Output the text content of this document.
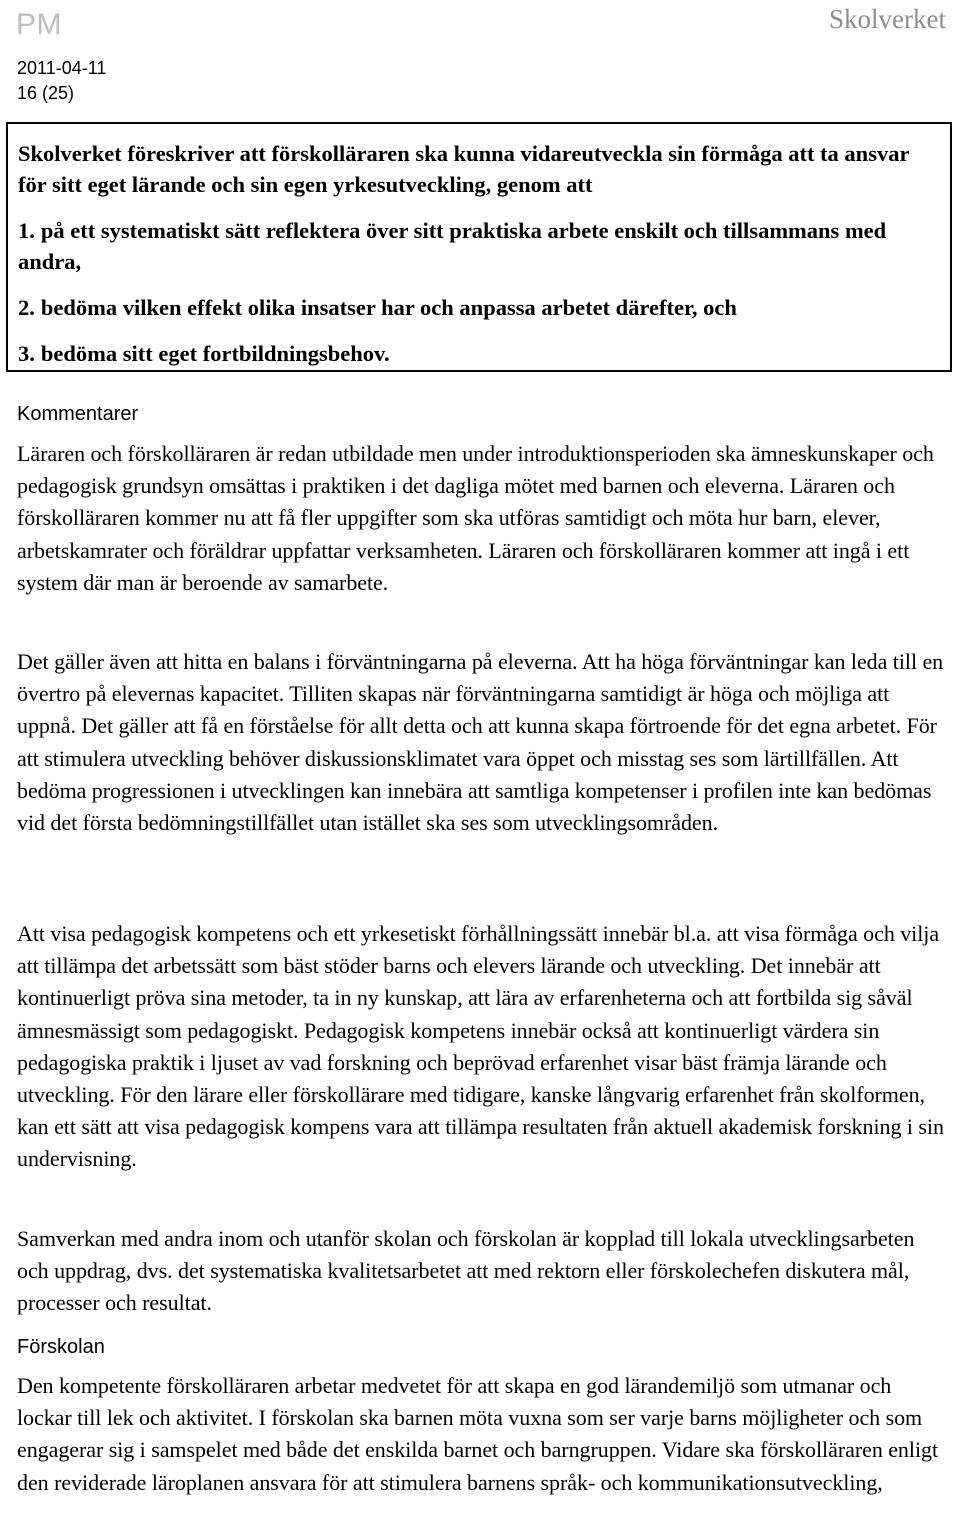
PM	Skolverket
2011-04-11
16 (25)

Skolverket föreskriver att förskolläraren ska kunna vidareutveckla sin förmåga att ta ansvar för sitt eget lärande och sin egen yrkesutveckling, genom att

1. på ett systematiskt sätt reflektera över sitt praktiska arbete enskilt och tillsammans med andra,
2. bedöma vilken effekt olika insatser har och anpassa arbetet därefter, och
3. bedöma sitt eget fortbildningsbehov.
Kommentarer

Läraren och förskolläraren är redan utbildade men under introduktionsperioden ska ämneskunskaper och pedagogisk grundsyn omsättas i praktiken i det dagliga mötet med barnen och eleverna. Läraren och förskolläraren kommer nu att få fler uppgifter som ska utföras samtidigt och möta hur barn, elever, arbetskamrater och föräldrar uppfattar verksamheten. Läraren och förskolläraren kommer att ingå i ett system där man är beroende av samarbete.

Det gäller även att hitta en balans i förväntningarna på eleverna. Att ha höga förväntningar kan leda till en övertro på elevernas kapacitet. Tilliten skapas när förväntningarna samtidigt är höga och möjliga att uppnå. Det gäller att få en förståelse för allt detta och att kunna skapa förtroende för det egna arbetet. För att stimulera utveckling behöver diskussionsklimatet vara öppet och misstag ses som lärtillfällen. Att bedöma progressionen i utvecklingen kan innebära att samtliga kompetenser i profilen inte kan bedömas vid det första bedömningstillfället utan istället ska ses som utvecklingsområden.

Att visa pedagogisk kompetens och ett yrkesetiskt förhållningssätt innebär bl.a. att visa förmåga och vilja att tillämpa det arbetssätt som bäst stöder barns och elevers lärande och utveckling. Det innebär att kontinuerligt pröva sina metoder, ta in ny kunskap, att lära av erfarenheterna och att fortbilda sig såväl ämnesmässigt som pedagogiskt. Pedagogisk kompetens innebär också att kontinuerligt värdera sin pedagogiska praktik i ljuset av vad forskning och beprövad erfarenhet visar bäst främja lärande och utveckling. För den lärare eller förskollärare med tidigare, kanske långvarig erfarenhet från skolformen, kan ett sätt att visa pedagogisk kompens vara att tillämpa resultaten från aktuell akademisk forskning i sin undervisning.

Samverkan med andra inom och utanför skolan och förskolan är kopplad till lokala utvecklingsarbeten och uppdrag, dvs. det systematiska kvalitetsarbetet att med rektorn eller förskolechefen diskutera mål, processer och resultat.

Förskolan

Den kompetente förskolläraren arbetar medvetet för att skapa en god lärandemiljö som utmanar och lockar till lek och aktivitet. I förskolan ska barnen möta vuxna som ser varje barns möjligheter och som engagerar sig i samspelet med både det enskilda barnet och barngruppen. Vidare ska förskolläraren enligt den reviderade läroplanen ansvara för att stimulera barnens språk- och kommunikationsutveckling,
